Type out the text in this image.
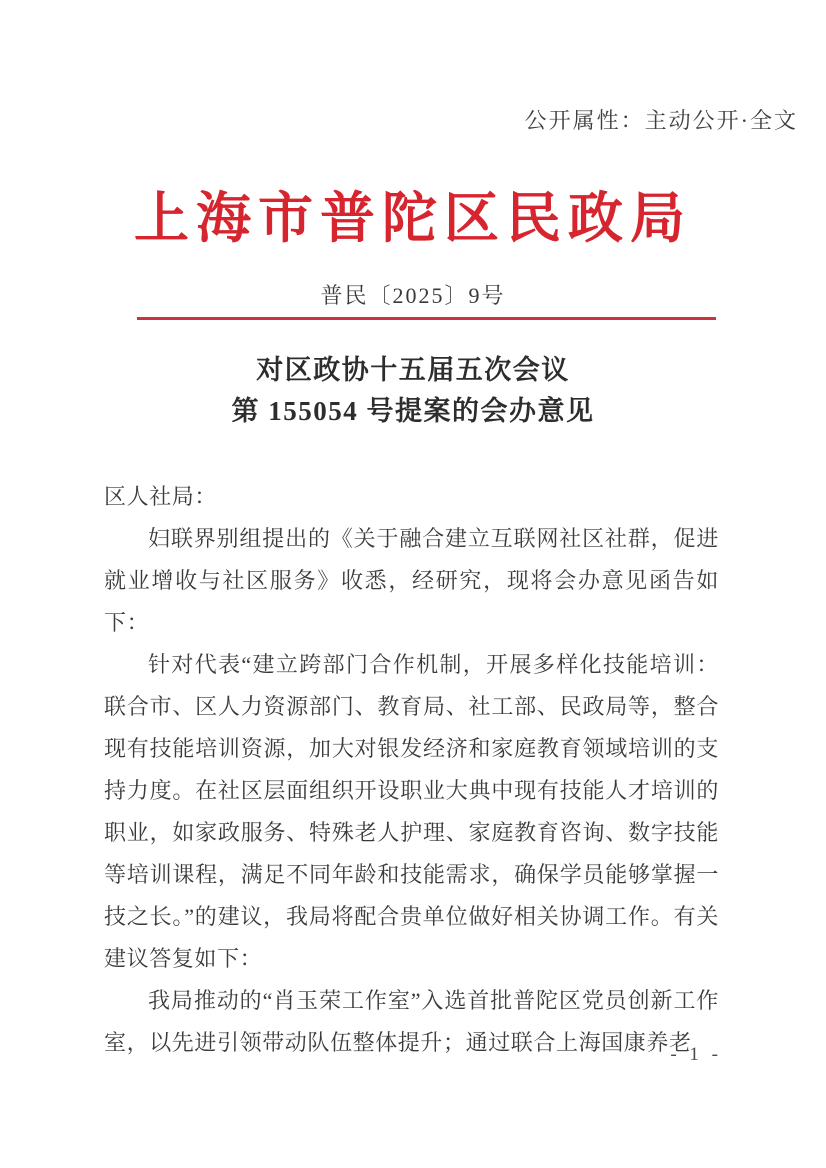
公开属性：主动公开·全文
上海市普陀区民政局
普民〔2025〕9号
对区政协十五届五次会议
第 155054 号提案的会办意见

区人社局：

妇联界别组提出的《关于融合建立互联网社区社群，促进就业增收与社区服务》收悉，经研究，现将会办意见函告如下：

针对代表“建立跨部门合作机制，开展多样化技能培训：联合市、区人力资源部门、教育局、社工部、民政局等，整合现有技能培训资源，加大对银发经济和家庭教育领域培训的支持力度。在社区层面组织开设职业大典中现有技能人才培训的职业，如家政服务、特殊老人护理、家庭教育咨询、数字技能等培训课程，满足不同年龄和技能需求，确保学员能够掌握一技之长。”的建议，我局将配合贵单位做好相关协调工作。有关建议答复如下：

我局推动的“肖玉荣工作室”入选首批普陀区党员创新工作室，以先进引领带动队伍整体提升；通过联合上海国康养老

- 1 -
